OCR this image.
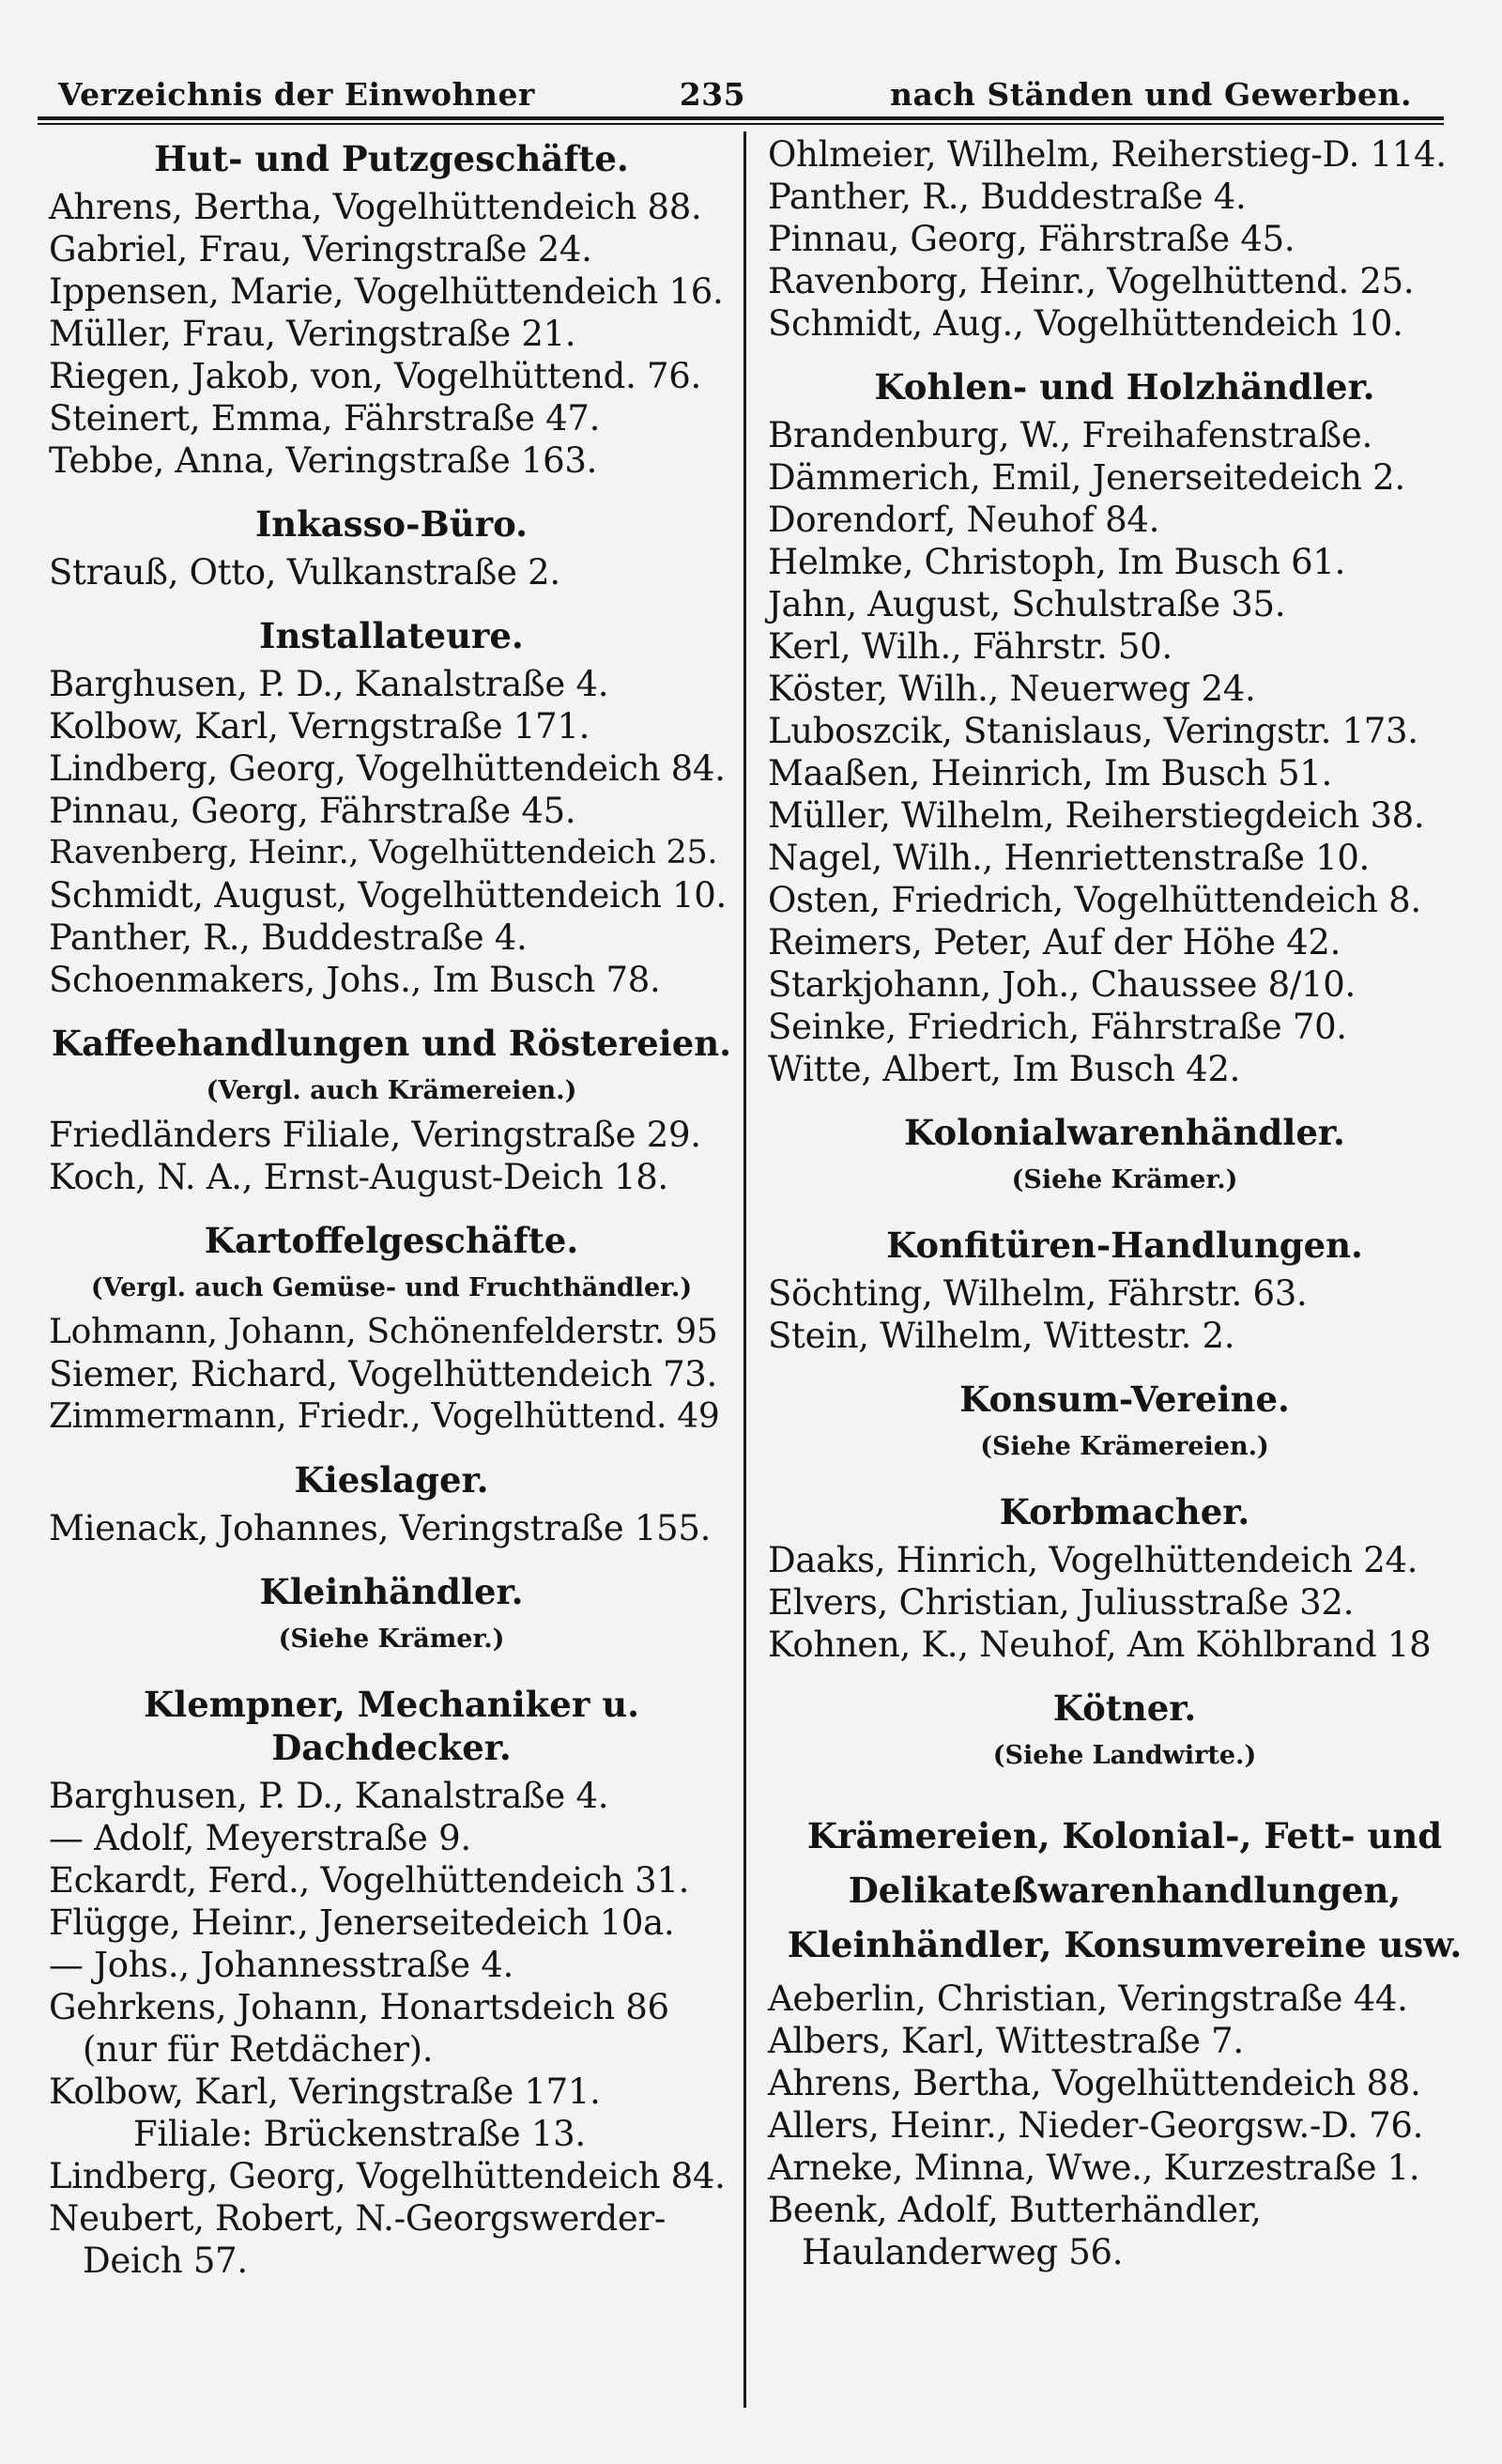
Verzeichnis der Einwohner	235	nach Ständen und Gewerben.

Hut- und Putzgeschäfte.

Ahrens, Bertha, Vogelhüttendeich 88.

Gabriel, Frau, Veringstraße 24.

Ippensen, Marie, Vogelhüttendeich 16.

Müller, Frau, Veringstraße 21.

Riegen, Jakob, von, Vogelhüttend. 76.

Steinert, Emma, Fährstraße 47.

Tebbe, Anna, Veringstraße 163.

Inkasso-Büro.

Strauß, Otto, Vulkanstraße 2.

Installateure.

Barghusen, P. D., Kanalstraße 4.

Kolbow, Karl, Verngstraße 171.

Lindberg, Georg, Vogelhüttendeich 84.

Pinnau, Georg, Fährstraße 45.

Ravenberg, Heinr., Vogelhüttendeich 25.

Schmidt, August, Vogelhüttendeich 10.

Panther, R., Buddestraße 4.

Schoenmakers, Johs., Im Busch 78.

Kaffeehandlungen und Röstereien.

(Vergl. auch Krämereien.)

Friedländers Filiale, Veringstraße 29.

Koch, N. A., Ernst-August-Deich 18.

Kartoffelgeschäfte.

(Vergl. auch Gemüse- und Fruchthändler.)

Lohmann, Johann, Schönenfelderstr. 95

Siemer, Richard, Vogelhüttendeich 73.

Zimmermann, Friedr., Vogelhüttend. 49

Kieslager.

Mienack, Johannes, Veringstraße 155.

Kleinhändler.

(Siehe Krämer.)

Klempner, Mechaniker u. Dachdecker.

Barghusen, P. D., Kanalstraße 4.

— Adolf, Meyerstraße 9.

Eckardt, Ferd., Vogelhüttendeich 31.

Flügge, Heinr., Jenerseitedeich 10a.

— Johs., Johannesstraße 4.

Gehrkens, Johann, Honartsdeich 86 (nur für Retdächer).

Kolbow, Karl, Veringstraße 171.

Filiale: Brückenstraße 13.

Lindberg, Georg, Vogelhüttendeich 84.

Neubert, Robert, N.-Georgswerder-Deich 57.

Ohlmeier, Wilhelm, Reiherstieg-D. 114.

Panther, R., Buddestraße 4.

Pinnau, Georg, Fährstraße 45.

Ravenborg, Heinr., Vogelhüttend. 25.

Schmidt, Aug., Vogelhüttendeich 10.

Kohlen- und Holzhändler.

Brandenburg, W., Freihafenstraße.

Dämmerich, Emil, Jenerseitedeich 2.

Dorendorf, Neuhof 84.

Helmke, Christoph, Im Busch 61.

Jahn, August, Schulstraße 35.

Kerl, Wilh., Fährstr. 50.

Köster, Wilh., Neuerweg 24.

Luboszcik, Stanislaus, Veringstr. 173.

Maaßen, Heinrich, Im Busch 51.

Müller, Wilhelm, Reiherstiegdeich 38.

Nagel, Wilh., Henriettenstraße 10.

Osten, Friedrich, Vogelhüttendeich 8.

Reimers, Peter, Auf der Höhe 42.

Starkjohann, Joh., Chaussee 8/10.

Seinke, Friedrich, Fährstraße 70.

Witte, Albert, Im Busch 42.

Kolonialwarenhändler.

(Siehe Krämer.)

Konfitüren-Handlungen.

Söchting, Wilhelm, Fährstr. 63.

Stein, Wilhelm, Wittestr. 2.

Konsum-Vereine.

(Siehe Krämereien.)

Korbmacher.

Daaks, Hinrich, Vogelhüttendeich 24.

Elvers, Christian, Juliusstraße 32.

Kohnen, K., Neuhof, Am Köhlbrand 18

Kötner.

(Siehe Landwirte.)

Krämereien, Kolonial-, Fett- und Delikateßwarenhandlungen, Kleinhändler, Konsumvereine usw.

Aeberlin, Christian, Veringstraße 44.

Albers, Karl, Wittestraße 7.

Ahrens, Bertha, Vogelhüttendeich 88.

Allers, Heinr., Nieder-Georgsw.-D. 76.

Arneke, Minna, Wwe., Kurzestraße 1.

Beenk, Adolf, Butterhändler, Haulanderweg 56.
